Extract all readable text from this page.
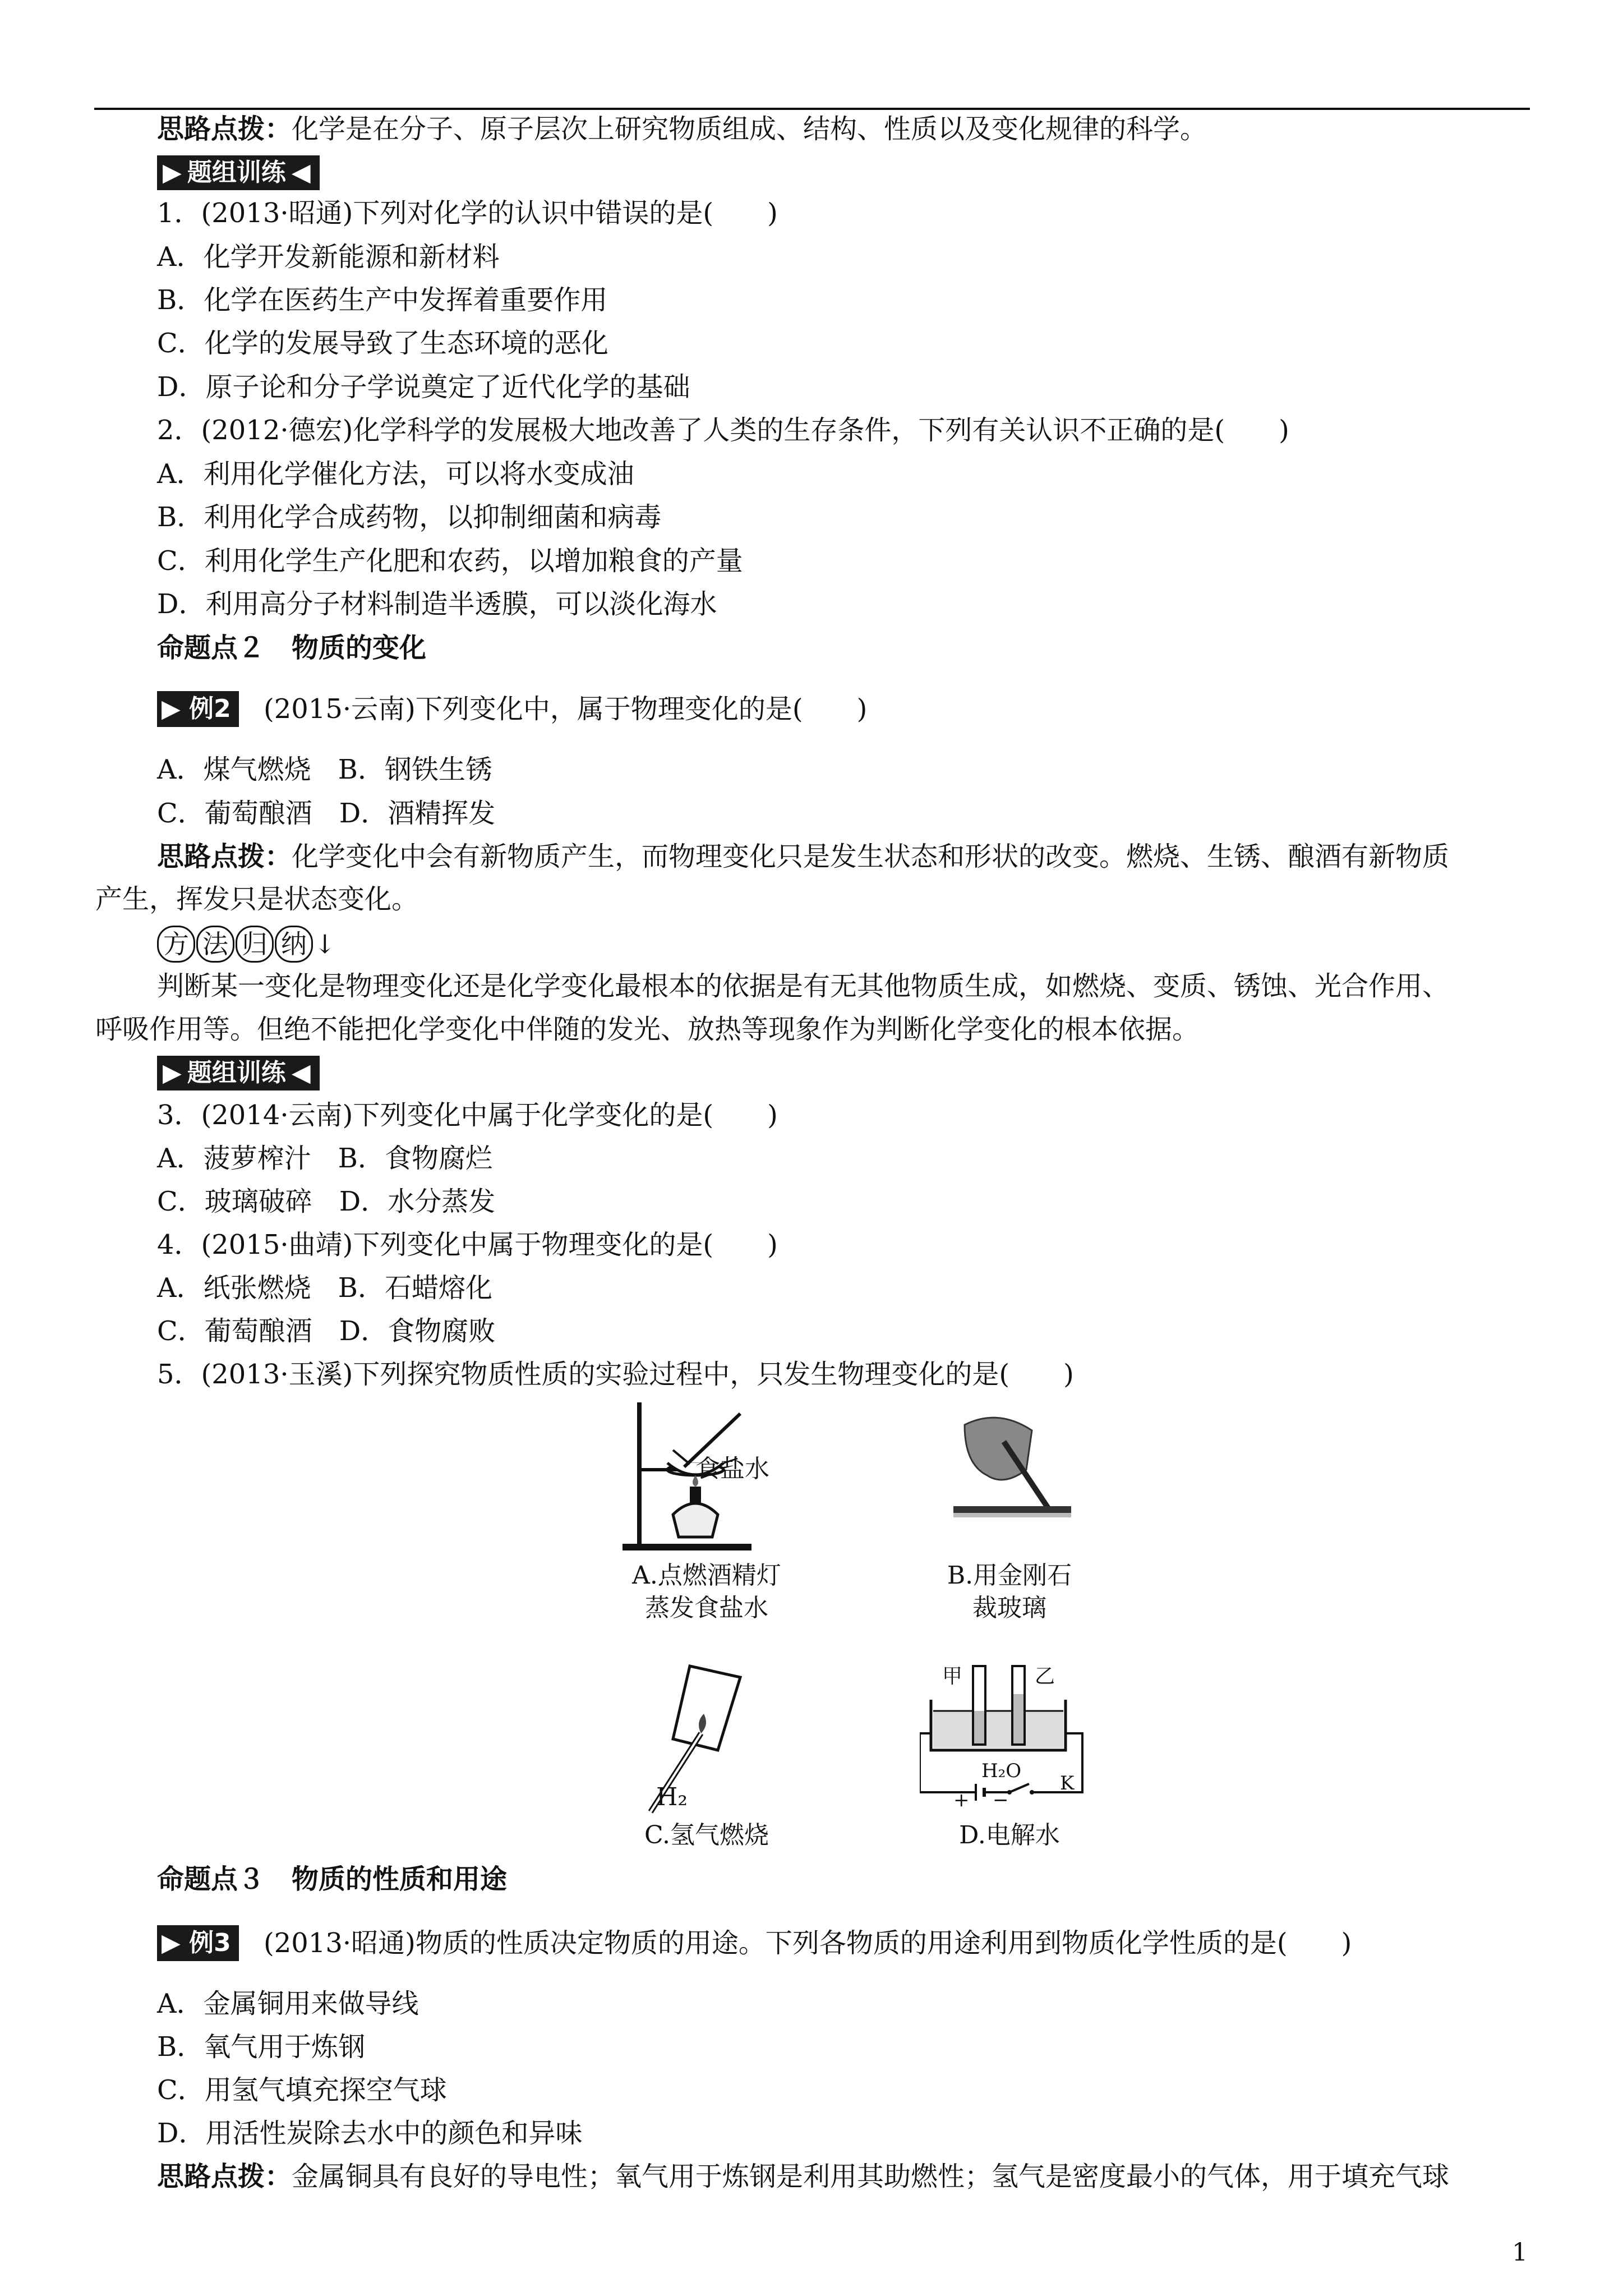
思路点拨：化学是在分子、原子层次上研究物质组成、结构、性质以及变化规律的科学。
▶ 题组训练 ◀
1．(2013·昭通)下列对化学的认识中错误的是(　　)
A．化学开发新能源和新材料
B．化学在医药生产中发挥着重要作用
C．化学的发展导致了生态环境的恶化
D．原子论和分子学说奠定了近代化学的基础
2．(2012·德宏)化学科学的发展极大地改善了人类的生存条件，下列有关认识不正确的是(　　)
A．利用化学催化方法，可以将水变成油
B．利用化学合成药物，以抑制细菌和病毒
C．利用化学生产化肥和农药，以增加粮食的产量
D．利用高分子材料制造半透膜，可以淡化海水
命题点２　物质的变化
▶ 例2 (2015·云南)下列变化中，属于物理变化的是(　　)
A．煤气燃烧　B．钢铁生锈
C．葡萄酿酒　D．酒精挥发
思路点拨：化学变化中会有新物质产生，而物理变化只是发生状态和形状的改变。燃烧、生锈、酿酒有新物质
产生，挥发只是状态变化。
方 法 归 纳 ↓
判断某一变化是物理变化还是化学变化最根本的依据是有无其他物质生成，如燃烧、变质、锈蚀、光合作用、
呼吸作用等。但绝不能把化学变化中伴随的发光、放热等现象作为判断化学变化的根本依据。
▶ 题组训练 ◀
3．(2014·云南)下列变化中属于化学变化的是(　　)
A．菠萝榨汁　B．食物腐烂
C．玻璃破碎　D．水分蒸发
4．(2015·曲靖)下列变化中属于物理变化的是(　　)
A．纸张燃烧　B．石蜡熔化
C．葡萄酿酒　D．食物腐败
5．(2013·玉溪)下列探究物质性质的实验过程中，只发生物理变化的是(　　)
食盐水
A.点燃酒精灯
蒸发食盐水
B.用金刚石
裁玻璃
H₂
C.氢气燃烧
甲	乙
H₂O
K
+ −
D.电解水
命题点３　物质的性质和用途
▶ 例3 (2013·昭通)物质的性质决定物质的用途。下列各物质的用途利用到物质化学性质的是(　　)
A．金属铜用来做导线
B．氧气用于炼钢
C．用氢气填充探空气球
D．用活性炭除去水中的颜色和异味
思路点拨：金属铜具有良好的导电性；氧气用于炼钢是利用其助燃性；氢气是密度最小的气体，用于填充气球
1
